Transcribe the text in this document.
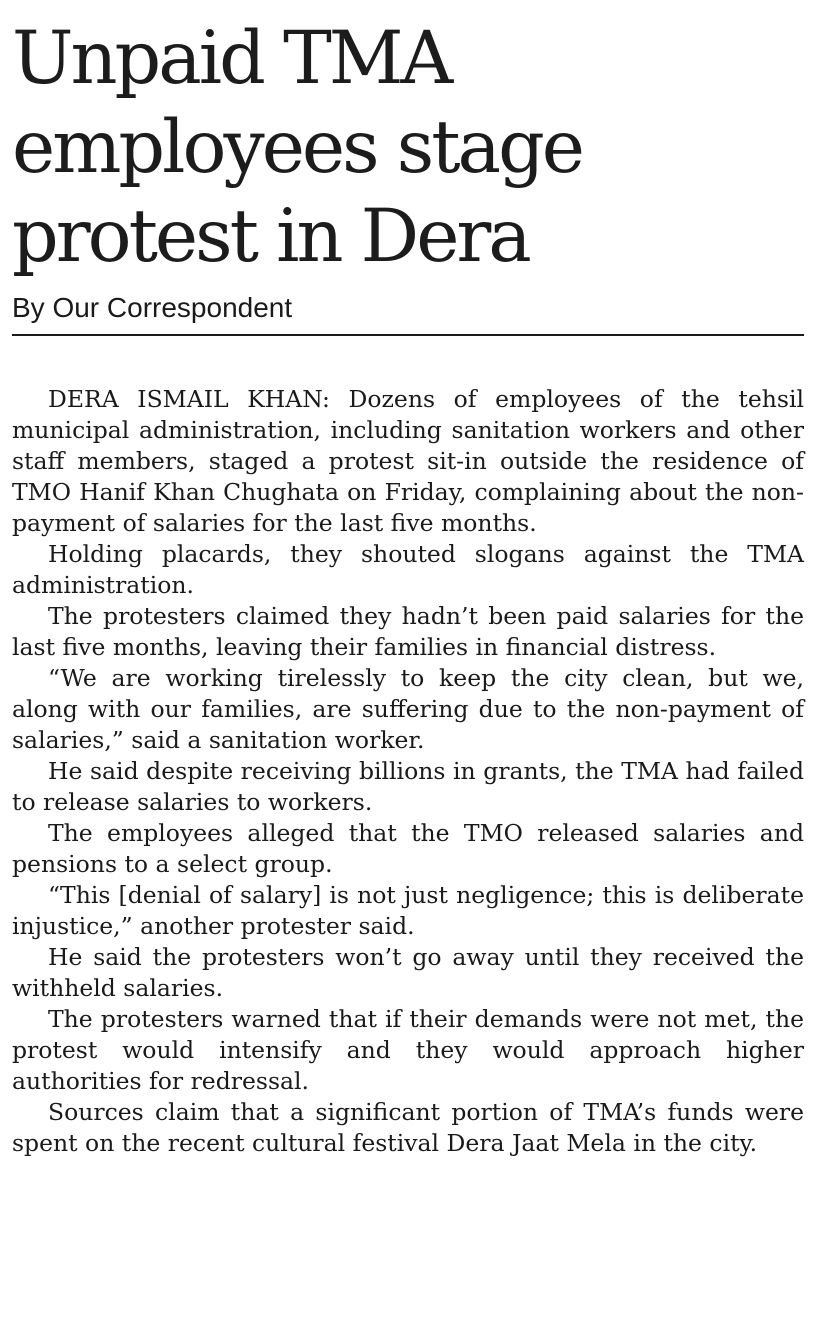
Unpaid TMA employees stage protest in Dera
By Our Correspondent

DERA ISMAIL KHAN: Dozens of employees of the tehsil municipal administration, including sanitation workers and other staff members, staged a protest sit-in outside the residence of TMO Hanif Khan Chughata on Friday, complaining about the non-payment of salaries for the last five months.

Holding placards, they shouted slogans against the TMA administration.

The protesters claimed they hadn’t been paid salaries for the last five months, leaving their families in financial distress.

“We are working tirelessly to keep the city clean, but we, along with our families, are suffering due to the non-payment of salaries,” said a sanitation worker.

He said despite receiving billions in grants, the TMA had failed to release salaries to workers.

The employees alleged that the TMO released salaries and pensions to a select group.

“This [denial of salary] is not just negligence; this is deliberate injustice,” another protester said.

He said the protesters won’t go away until they received the withheld salaries.

The protesters warned that if their demands were not met, the protest would intensify and they would approach higher authorities for redressal.

Sources claim that a significant portion of TMA’s funds were spent on the recent cultural festival Dera Jaat Mela in the city.
